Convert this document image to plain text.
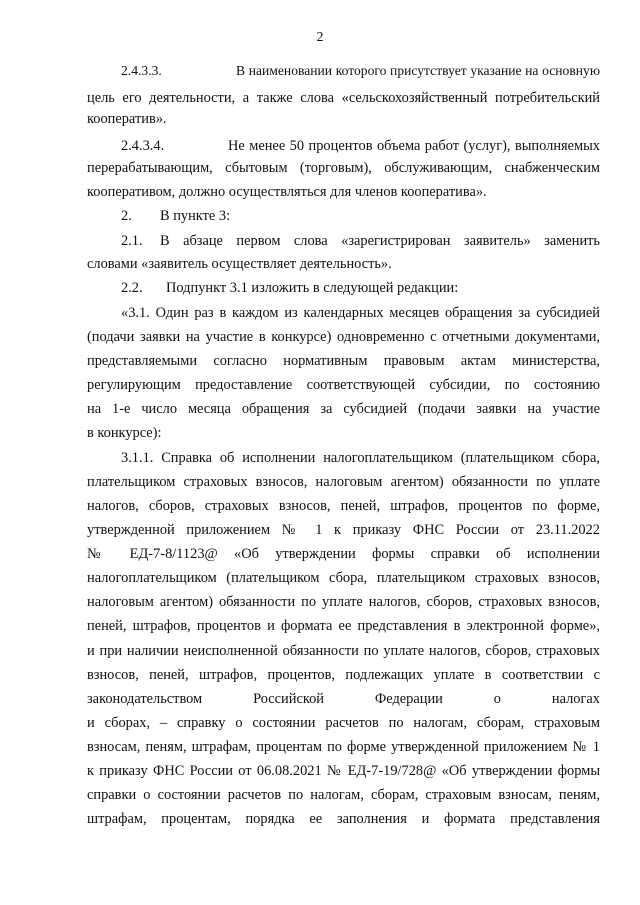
2
2.4.3.3.	В наименовании которого присутствует указание на основную
цель его деятельности, а также слова «сельскохозяйственный потребительский
кооператив».
2.4.3.4.	Не менее 50 процентов объема работ (услуг), выполняемых
перерабатывающим, сбытовым (торговым), обслуживающим, снабженческим
кооперативом, должно осуществляться для членов кооператива».
2. В пункте 3:
2.1. В абзаце первом слова «зарегистрирован заявитель» заменить
словами «заявитель осуществляет деятельность».
2.2. Подпункт 3.1 изложить в следующей редакции:
«3.1. Один раз в каждом из календарных месяцев обращения за субсидией
(подачи заявки на участие в конкурсе) одновременно с отчетными документами,
представляемыми согласно нормативным правовым актам министерства,
регулирующим предоставление соответствующей субсидии, по состоянию
на 1-е число месяца обращения за субсидией (подачи заявки на участие
в конкурсе):
3.1.1. Справка об исполнении налогоплательщиком (плательщиком сбора,
плательщиком страховых взносов, налоговым агентом) обязанности по уплате
налогов, сборов, страховых взносов, пеней, штрафов, процентов по форме,
утвержденной приложением № 1 к приказу ФНС России от 23.11.2022
№ ЕД-7-8/1123@ «Об утверждении формы справки об исполнении
налогоплательщиком (плательщиком сбора, плательщиком страховых взносов,
налоговым агентом) обязанности по уплате налогов, сборов, страховых взносов,
пеней, штрафов, процентов и формата ее представления в электронной форме»,
и при наличии неисполненной обязанности по уплате налогов, сборов, страховых
взносов, пеней, штрафов, процентов, подлежащих уплате в соответствии с
законодательством	Российской	Федерации	о	налогах
и сборах, – справку о состоянии расчетов по налогам, сборам, страховым
взносам, пеням, штрафам, процентам по форме утвержденной приложением № 1
к приказу ФНС России от 06.08.2021 № ЕД-7-19/728@ «Об утверждении формы
справки о состоянии расчетов по налогам, сборам, страховым взносам, пеням,
штрафам, процентам, порядка ее заполнения и формата представления
